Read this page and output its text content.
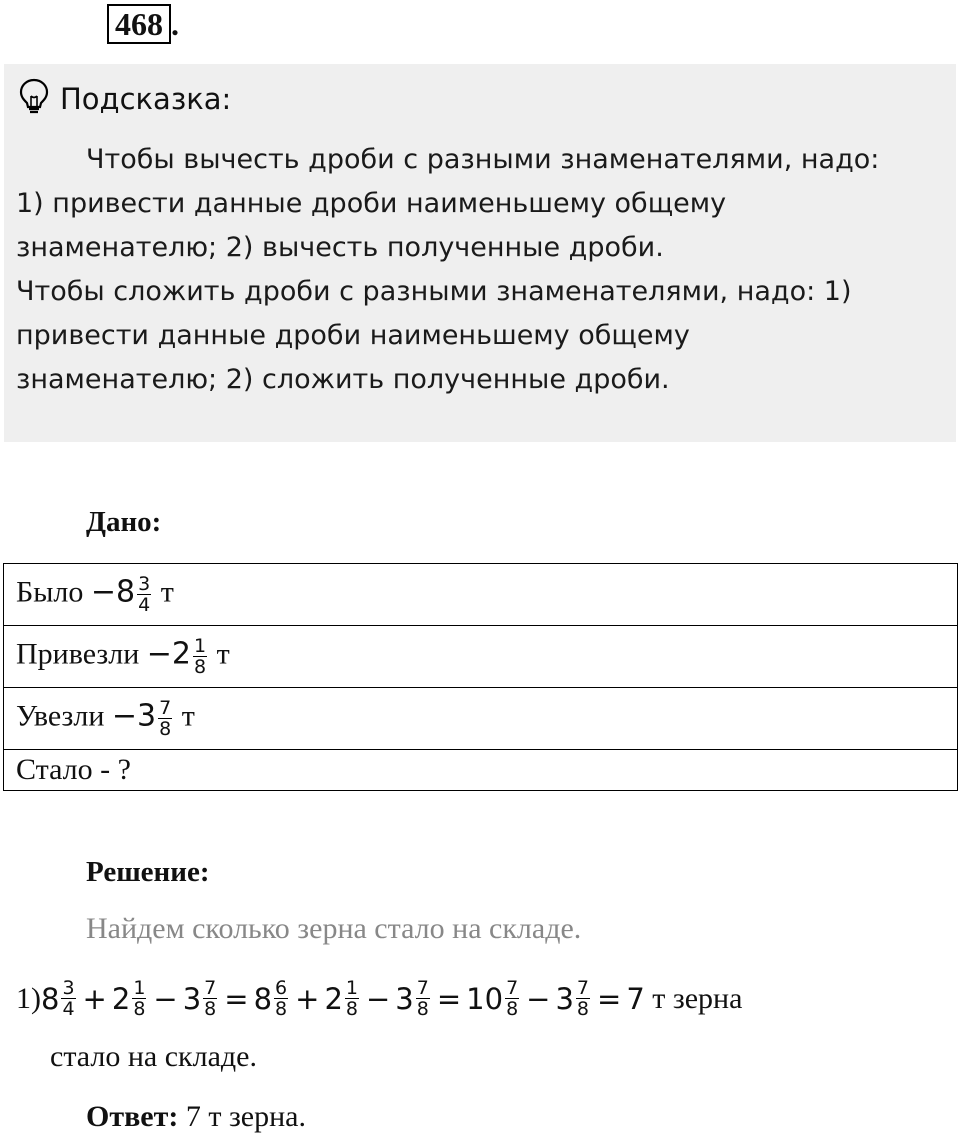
468 .
Подсказка:

Чтобы вычесть дроби с разными знаменателями, надо:

1) привести данные дроби наименьшему общему

знаменателю; 2) вычесть полученные дроби.

Чтобы сложить дроби с разными знаменателями, надо: 1)

привести данные дроби наименьшему общему

знаменателю; 2) сложить полученные дроби.

Дано:
Было $-8 \frac{3}{4}$ т
Привезли $-2 \frac{1}{8}$ т
Увезли $-3 \frac{7}{8}$ т
Стало - ?
Решение:
Найдем сколько зерна стало на складе.
1) $8 \frac{3}{4} + 2 \frac{1}{8} - 3 \frac{7}{8} = 8 \frac{6}{8} + 2 \frac{1}{8} - 3 \frac{7}{8} = 10 \frac{7}{8} - 3 \frac{7}{8} = 7$ т зерна
стало на складе.
Ответ: 7 т зерна.
